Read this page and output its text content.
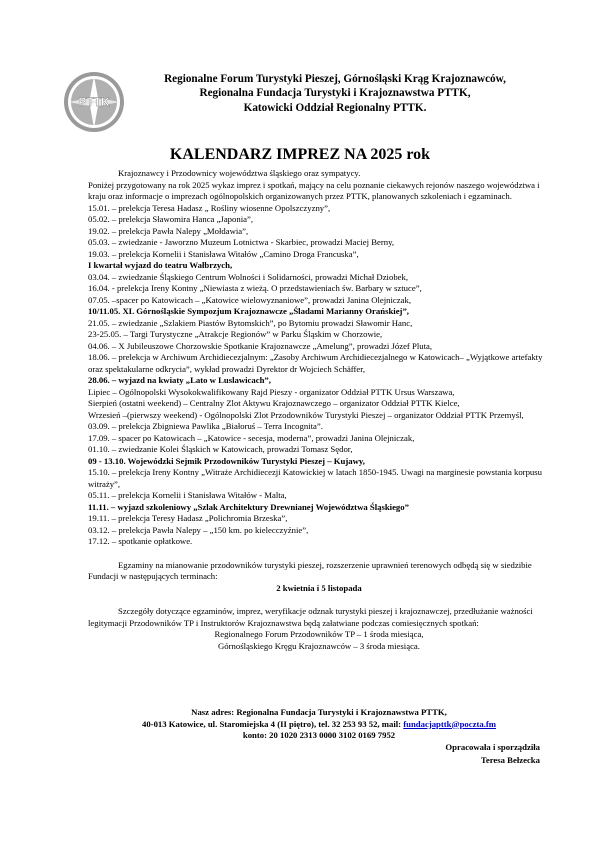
PTTK
Regionalne Forum Turystyki Pieszej, Górnośląski Krąg Krajoznawców,
Regionalna Fundacja Turystyki i Krajoznawstwa PTTK,
Katowicki Oddział Regionalny PTTK.
KALENDARZ IMPREZ NA 2025 rok

Krajoznawcy i Przodownicy województwa śląskiego oraz sympatycy.

Poniżej przygotowany na rok 2025 wykaz imprez i spotkań, mający na celu poznanie ciekawych rejonów naszego województwa i kraju oraz informacje o imprezach ogólnopolskich organizowanych przez PTTK, planowanych szkoleniach i egzaminach.

15.01. – prelekcja Teresa Hadasz „ Rośliny wiosenne Opolszczyzny”,

05.02. – prelekcja Sławomira Hanca „Japonia”,

19.02. – prelekcja Pawła Nalepy „Mołdawia”,

05.03. – zwiedzanie - Jaworzno Muzeum Lotnictwa - Skarbiec, prowadzi Maciej Berny,

19.03. – prelekcja Kornelii i Stanisława Witałów „Camino Droga Francuska”,

I kwartał wyjazd do teatru Wałbrzych,

03.04. – zwiedzanie Śląskiego Centrum Wolności i Solidarności, prowadzi Michał Dziobek,

16.04. - prelekcja Ireny Kontny „Niewiasta z wieżą. O przedstawieniach św. Barbary w sztuce”,

07.05. –spacer po Katowicach – „Katowice wielowyznaniowe”, prowadzi Janina Olejniczak,

10/11.05. XL Górnośląskie Sympozjum Krajoznawcze „Śladami Marianny Orańskiej”,

21.05. – zwiedzanie „Szlakiem Piastów Bytomskich”, po Bytomiu prowadzi Sławomir Hanc,

23-25.05. – Targi Turystyczne „Atrakcje Regionów” w Parku Śląskim w Chorzowie,

04.06. – X Jubileuszowe Chorzowskie Spotkanie Krajoznawcze „Amelung”, prowadzi Józef Pluta,

18.06. – prelekcja w Archiwum Archidiecezjalnym: „Zasoby Archiwum Archidiecezjalnego w Katowicach– „Wyjątkowe artefakty oraz spektakularne odkrycia”, wykład prowadzi Dyrektor dr Wojciech Schäffer,

28.06. – wyjazd na kwiaty „Lato w Luslawicach”,

Lipiec – Ogólnopolski Wysokokwalifikowany Rajd Pieszy - organizator Oddział PTTK Ursus Warszawa,

Sierpień (ostatni weekend) – Centralny Zlot Aktywu Krajoznawczego – organizator Oddział PTTK Kielce,

Wrzesień –(pierwszy weekend) - Ogólnopolski Zlot Przodowników Turystyki Pieszej – organizator Oddział PTTK Przemyśl,

03.09. – prelekcja Zbigniewa Pawlika „Białoruś – Terra Incognita”.

17.09. – spacer po Katowicach – „Katowice - secesja, moderna”, prowadzi Janina Olejniczak,

01.10. – zwiedzanie Kolei Śląskich w Katowicach, prowadzi Tomasz Sędor,

09 - 13.10. Wojewódzki Sejmik Przodowników Turystyki Pieszej – Kujawy,

15.10. – prelekcja Ireny Kontny „Witraże Archidiecezji Katowickiej w latach 1850-1945. Uwagi na marginesie powstania korpusu witraży”,

05.11. – prelekcja Kornelii i Stanisława Witałów - Malta,

11.11. – wyjazd szkoleniowy „Szlak Architektury Drewnianej Województwa Śląskiego”

19.11. – prelekcja Teresy Hadasz „Polichromia Brzeska”,

03.12. – prelekcja Pawła Nalepy – „150 km. po kielecczyźnie”,

17.12. – spotkanie opłatkowe.

Egzaminy na mianowanie przodowników turystyki pieszej, rozszerzenie uprawnień terenowych odbędą się w siedzibie Fundacji w następujących terminach:

2 kwietnia i 5 listopada

Szczegóły dotyczące egzaminów, imprez, weryfikacje odznak turystyki pieszej i krajoznawczej, przedłużanie ważności legitymacji Przodowników TP i Instruktorów Krajoznawstwa będą załatwiane podczas comiesięcznych spotkań:

Regionalnego Forum Przodowników TP – 1 środa miesiąca,

Górnośląskiego Kręgu Krajoznawców – 3 środa miesiąca.

Nasz adres: Regionalna Fundacja Turystyki i Krajoznawstwa PTTK,
40-013 Katowice, ul. Staromiejska 4 (II piętro), tel. 32 253 93 52, mail: fundacjapttk@poczta.fm
konto: 20 1020 2313 0000 3102 0169 7952
Opracowała i sporządziła
Teresa Bełzecka
